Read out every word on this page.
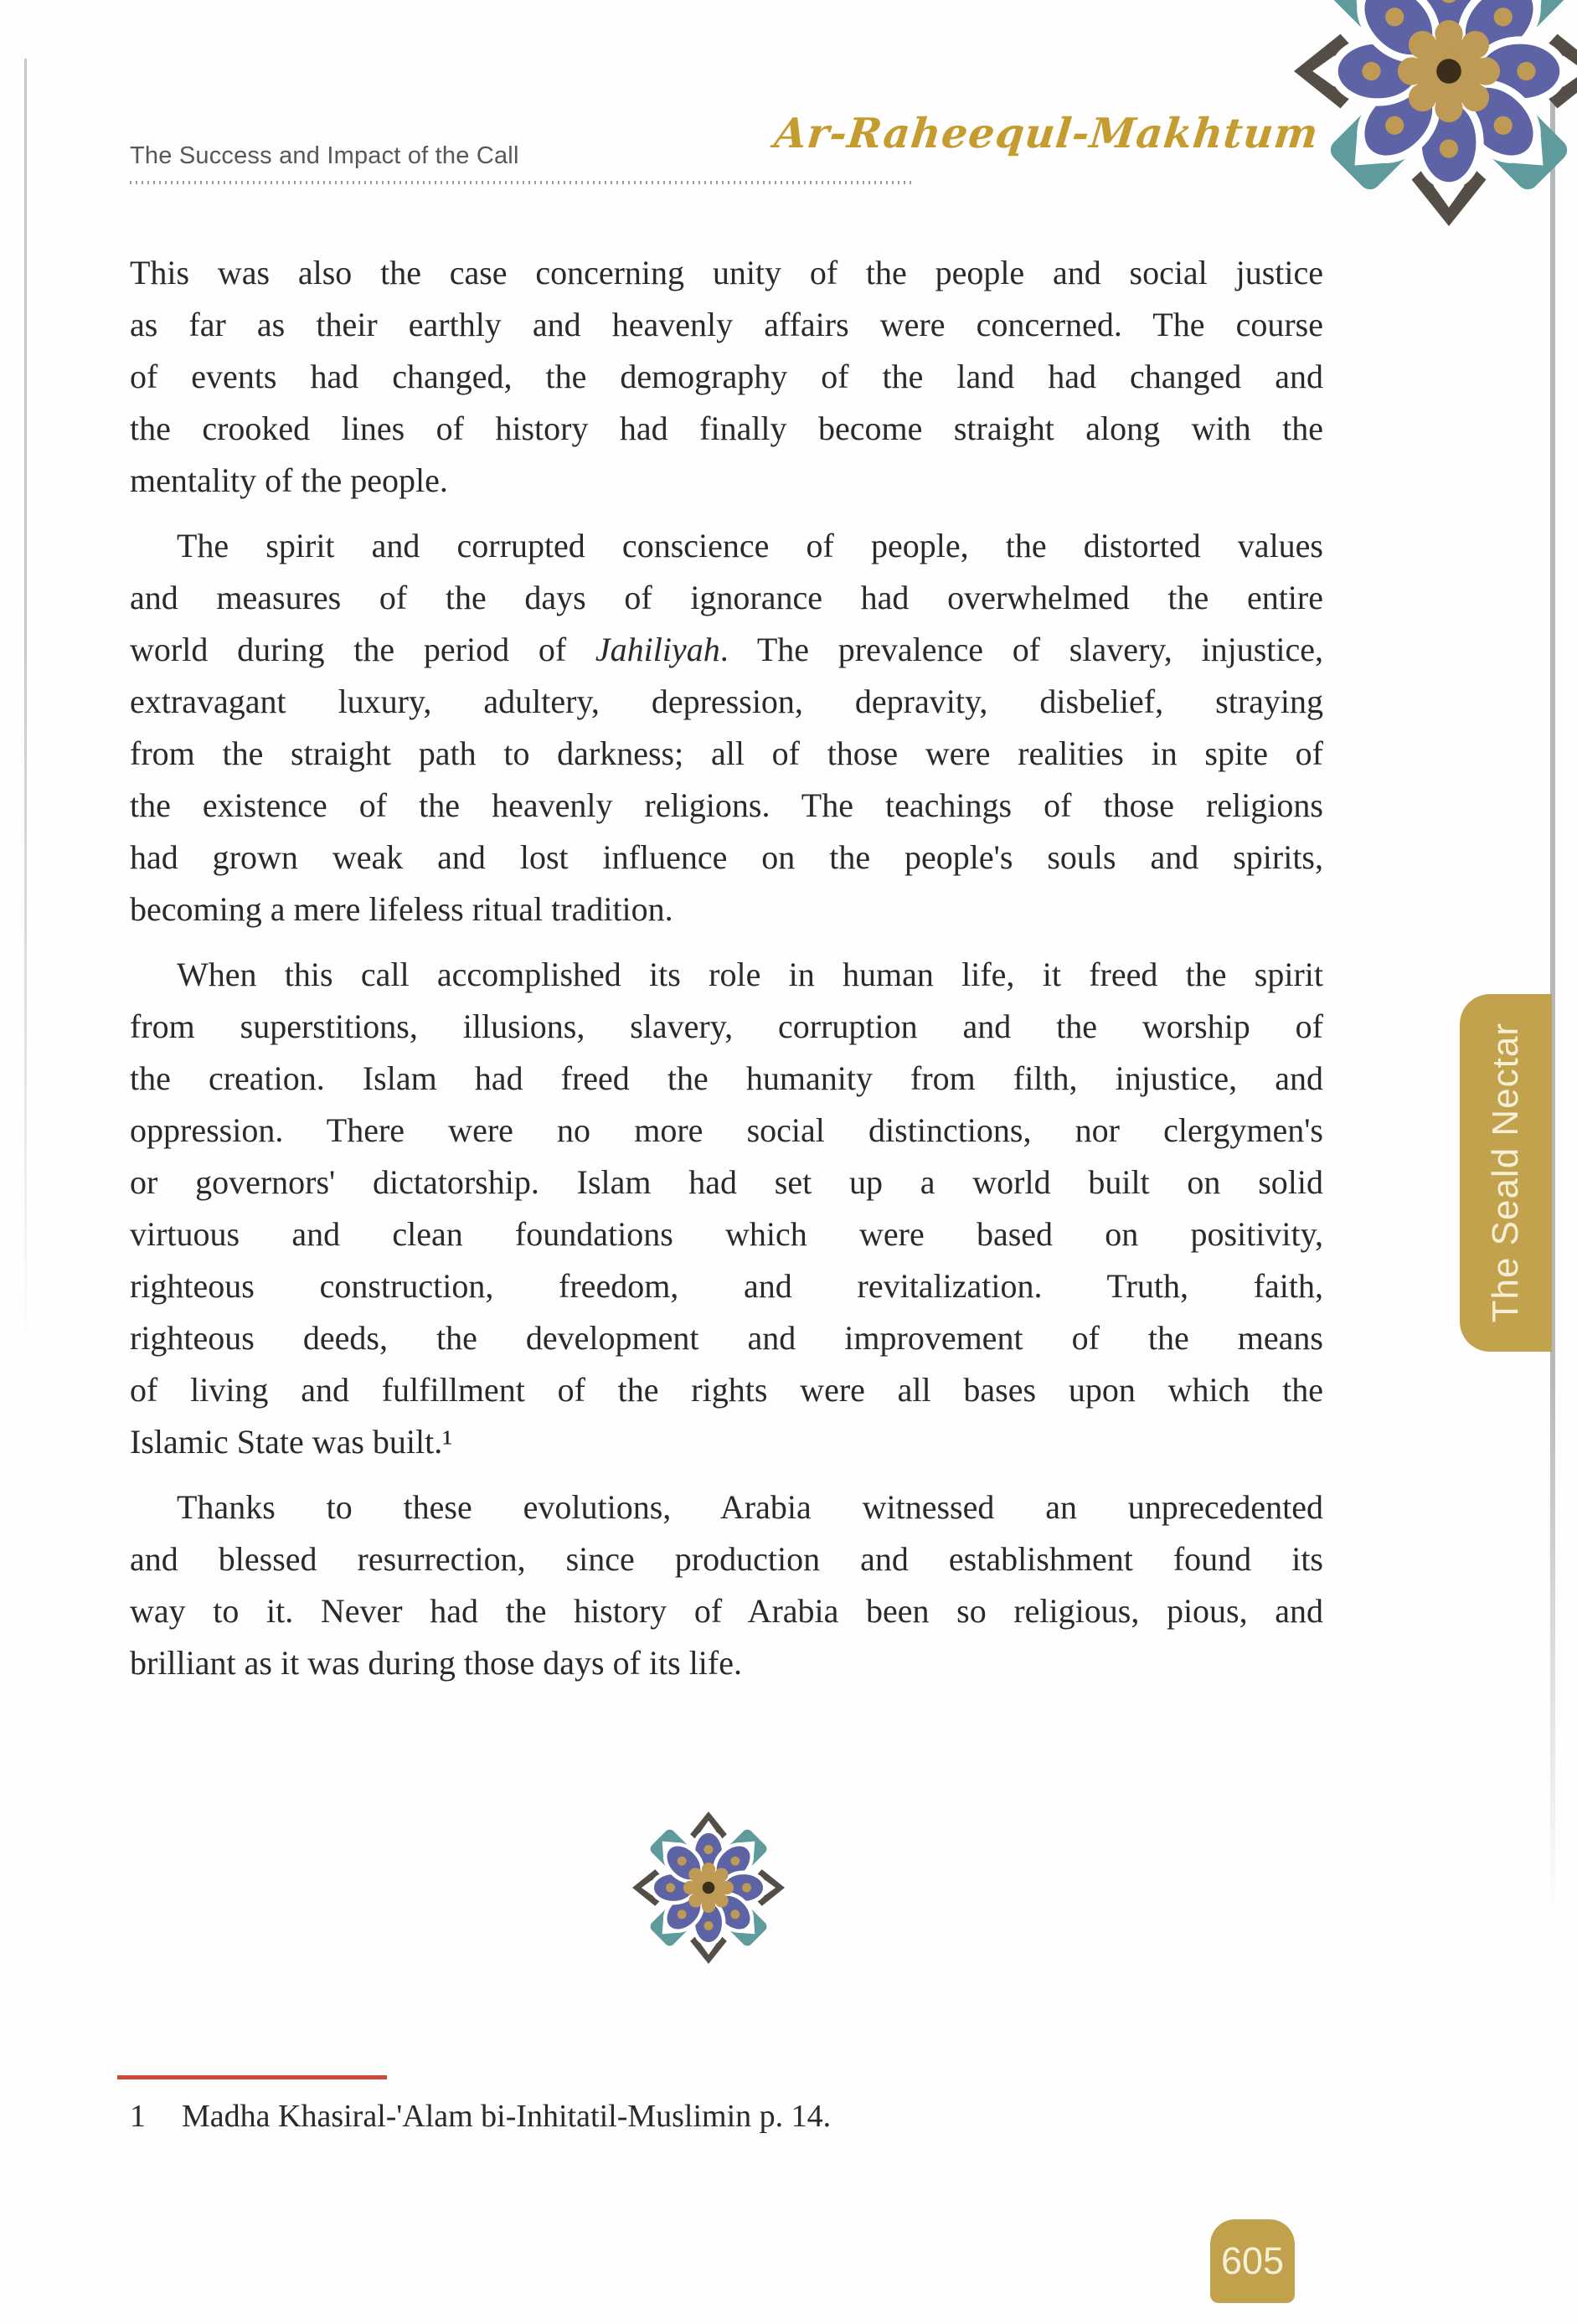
The Success and Impact of the Call	Ar-Raheequl-Makhtum
This was also the case concerning unity of the people and social justice
as far as their earthly and heavenly affairs were concerned. The course
of events had changed, the demography of the land had changed and
the crooked lines of history had finally become straight along with the
mentality of the people.
The spirit and corrupted conscience of people, the distorted values
and measures of the days of ignorance had overwhelmed the entire
world during the period of Jahiliyah. The prevalence of slavery, injustice,
extravagant luxury, adultery, depression, depravity, disbelief, straying
from the straight path to darkness; all of those were realities in spite of
the existence of the heavenly religions. The teachings of those religions
had grown weak and lost influence on the people's souls and spirits,
becoming a mere lifeless ritual tradition.
When this call accomplished its role in human life, it freed the spirit
from superstitions, illusions, slavery, corruption and the worship of
the creation. Islam had freed the humanity from filth, injustice, and
oppression. There were no more social distinctions, nor clergymen's
or governors' dictatorship. Islam had set up a world built on solid
virtuous and clean foundations which were based on positivity,
righteous construction, freedom, and revitalization. Truth, faith,
righteous deeds, the development and improvement of the means
of living and fulfillment of the rights were all bases upon which the
Islamic State was built.¹
Thanks to these evolutions, Arabia witnessed an unprecedented
and blessed resurrection, since production and establishment found its
way to it. Never had the history of Arabia been so religious, pious, and
brilliant as it was during those days of its life.
The Seald Nectar
1 Madha Khasiral-'Alam bi-Inhitatil-Muslimin p. 14.
605
